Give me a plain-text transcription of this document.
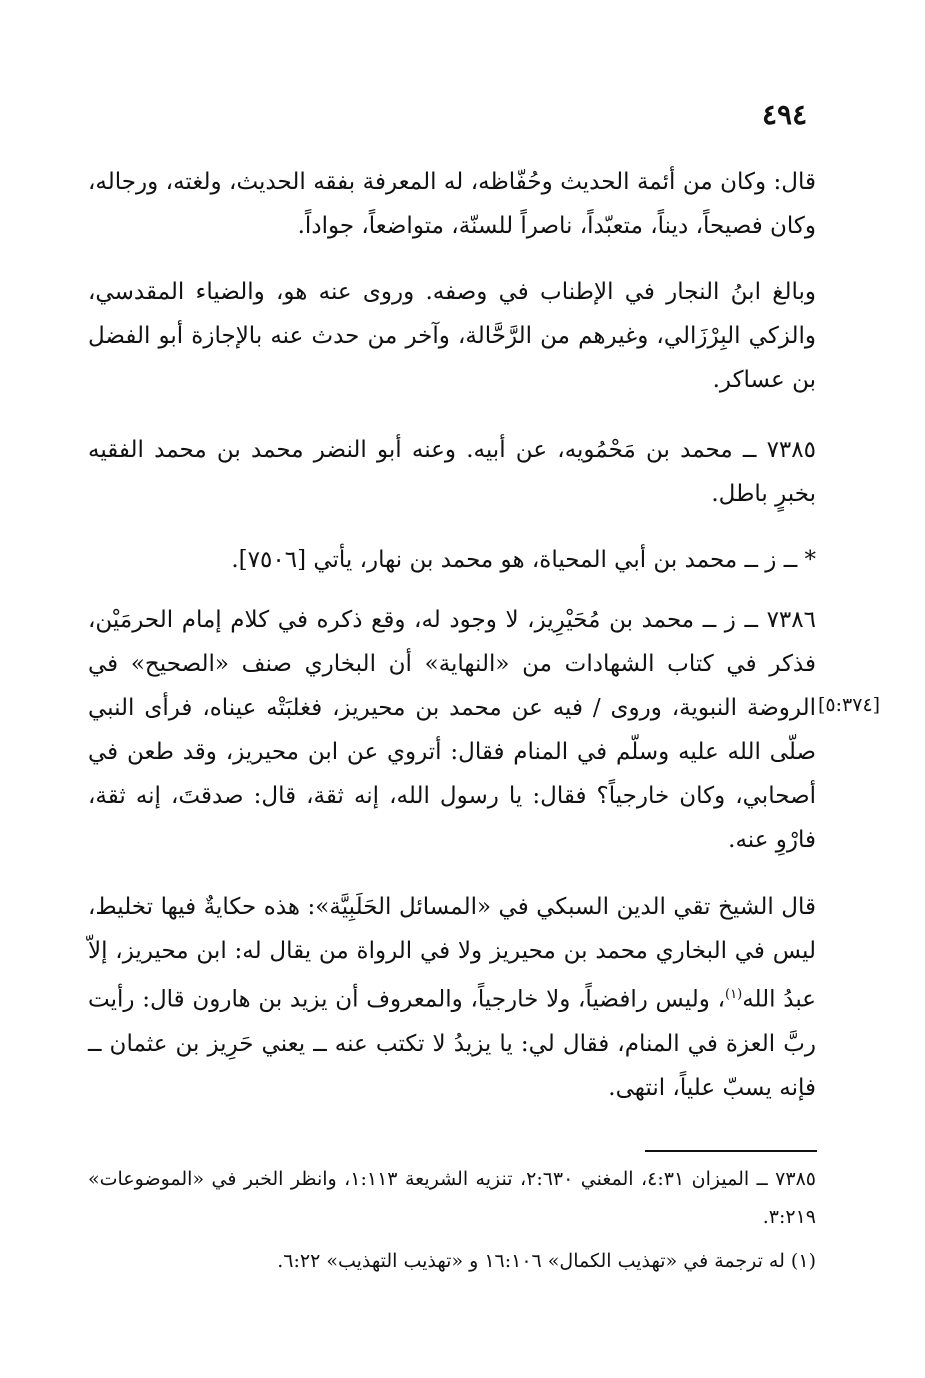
٤٩٤
[٥:٣٧٤]

قال: وكان من أئمة الحديث وحُفّاظه، له المعرفة بفقه الحديث، ولغته، ورجاله، وكان فصيحاً، ديناً، متعبّداً، ناصراً للسنّة، متواضعاً، جواداً.

وبالغ ابنُ النجار في الإطناب في وصفه. وروى عنه هو، والضياء المقدسي، والزكي البِرْزَالي، وغيرهم من الرَّحَّالة، وآخر من حدث عنه بالإجازة أبو الفضل بن عساكر.

٧٣٨٥ ــ محمد بن مَحْمُويه، عن أبيه. وعنه أبو النضر محمد بن محمد الفقيه بخبرٍ باطل.

* ــ ز ــ محمد بن أبي المحياة، هو محمد بن نهار، يأتي [٧٥٠٦].

٧٣٨٦ ــ ز ــ محمد بن مُحَيْرِيز، لا وجود له، وقع ذكره في كلام إمام الحرمَيْن، فذكر في كتاب الشهادات من «النهاية» أن البخاري صنف «الصحيح» في الروضة النبوية، وروى / فيه عن محمد بن محيريز، فغلبَتْه عيناه، فرأى النبي صلّى الله عليه وسلّم في المنام فقال: أتروي عن ابن محيريز، وقد طعن في أصحابي، وكان خارجياً؟ فقال: يا رسول الله، إنه ثقة، قال: صدقتَ، إنه ثقة، فارْوِ عنه.

قال الشيخ تقي الدين السبكي في «المسائل الحَلَبِيَّة»: هذه حكايةٌ فيها تخليط، ليس في البخاري محمد بن محيريز ولا في الرواة من يقال له: ابن محيريز، إلاّ عبدُ الله$^{(١)}$، وليس رافضياً، ولا خارجياً، والمعروف أن يزيد بن هارون قال: رأيت ربَّ العزة في المنام، فقال لي: يا يزيدُ لا تكتب عنه ــ يعني حَرِيز بن عثمان ــ فإنه يسبّ علياً، انتهى.

٧٣٨٥ ــ الميزان ٤:٣١، المغني ٢:٦٣٠، تنزيه الشريعة ١:١١٣، وانظر الخبر في «الموضوعات» ٣:٢١٩.

(١) له ترجمة في «تهذيب الكمال» ١٦:١٠٦ و «تهذيب التهذيب» ٦:٢٢.
